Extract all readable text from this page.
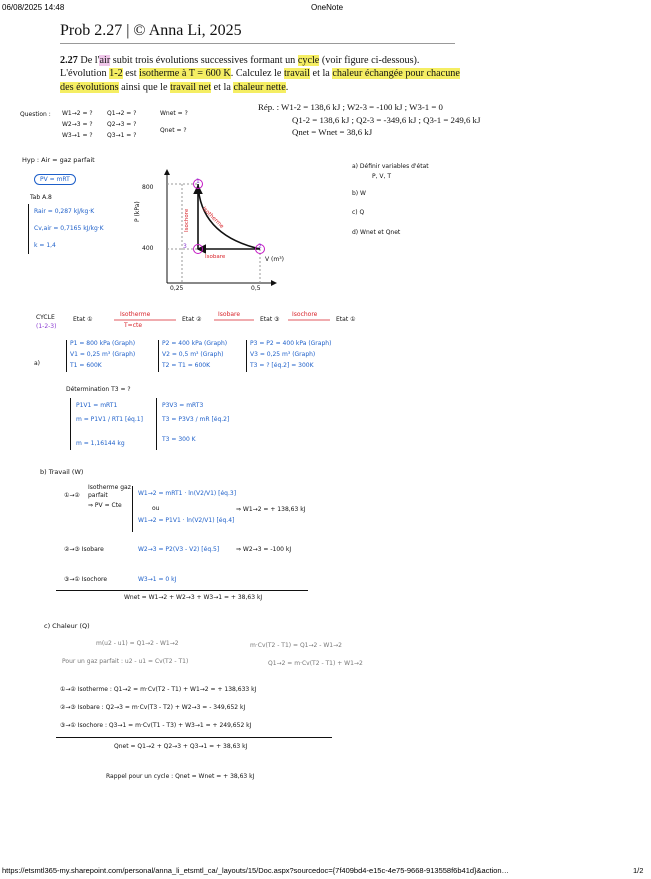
06/08/2025 14:48	OneNote
https://etsmtl365-my.sharepoint.com/personal/anna_li_etsmtl_ca/_layouts/15/Doc.aspx?sourcedoc={7f409bd4-e15c-4e75-9668-913558f6b41d}&action…	1/2
Prob 2.27 | © Anna Li, 2025
2.27 De l'air subit trois évolutions successives formant un cycle (voir figure ci-dessous). L'évolution 1-2 est isotherme à T = 600 K. Calculez le travail et la chaleur échangée pour chacune des évolutions ainsi que le travail net et la chaleur nette.
Rép. : W1-2 = 138,6 kJ ; W2-3 = -100 kJ ; W3-1 = 0
Q1-2 = 138,6 kJ ; Q2-3 = -349,6 kJ ; Q3-1 = 249,6 kJ
Qnet = Wnet = 38,6 kJ
Question : W1→2 = ?
W2→3 = ?
W3→1 = ?
Q1→2 = ?
Q2→3 = ?
Q3→1 = ?
Wnet = ?
Qnet = ?
Hyp : Air = gaz parfait
PV = mRT
Tab A.8
Rair = 0,287 kJ/kg·K
Cv,air = 0,7165 kJ/kg·K
k = 1,4
800
400
P (kPa)
0,25	0,5
V (m³)
1
2
3
Isochore Isotherme
Isobare
a) Définir variables d'état
P, V, T
b) W
c) Q
d) Wnet et Qnet
CYCLE
(1-2-3)
Etat ①
Isotherme
T=cte
Etat ②
Isobare
Etat ③
Isochore
Etat ①
a)
P1 = 800 kPa (Graph)
V1 = 0,25 m³ (Graph)
T1 = 600K
P2 = 400 kPa (Graph)
V2 = 0,5 m³ (Graph)
T2 = T1 = 600K
P3 = P2 = 400 kPa (Graph)
V3 = 0,25 m³ (Graph)
T3 = ? [éq.2] = 300K
Détermination T3 = ?
P1V1 = mRT1
m = P1V1 / RT1 [éq.1]
m = 1,16144 kg
P3V3 = mRT3
T3 = P3V3 / mR [éq.2]
T3 = 300 K
b) Travail (W)
①→②
Isotherme gaz parfait
⇒ PV = Cte
W1→2 = mRT1 · ln(V2/V1) [éq.3]
ou
W1→2 = P1V1 · ln(V2/V1) [éq.4]
⇒ W1→2 = + 138,63 kJ
②→③ Isobare	W2→3 = P2(V3 - V2) [éq.5]	⇒ W2→3 = -100 kJ
③→① Isochore	W3→1 = 0 kJ
Wnet = W1→2 + W2→3 + W3→1 = + 38,63 kJ
c) Chaleur (Q)
m(u2 - u1) = Q1→2 - W1→2
Pour un gaz parfait : u2 - u1 = Cv(T2 - T1)
m·Cv(T2 - T1) = Q1→2 - W1→2
Q1→2 = m·Cv(T2 - T1) + W1→2
①→② Isotherme : Q1→2 = m·Cv(T2 - T1) + W1→2 = + 138,633 kJ
②→③ Isobare : Q2→3 = m·Cv(T3 - T2) + W2→3 = - 349,652 kJ
③→① Isochore : Q3→1 = m·Cv(T1 - T3) + W3→1 = + 249,652 kJ
Qnet = Q1→2 + Q2→3 + Q3→1 = + 38,63 kJ
Rappel pour un cycle : Qnet = Wnet = + 38,63 kJ
